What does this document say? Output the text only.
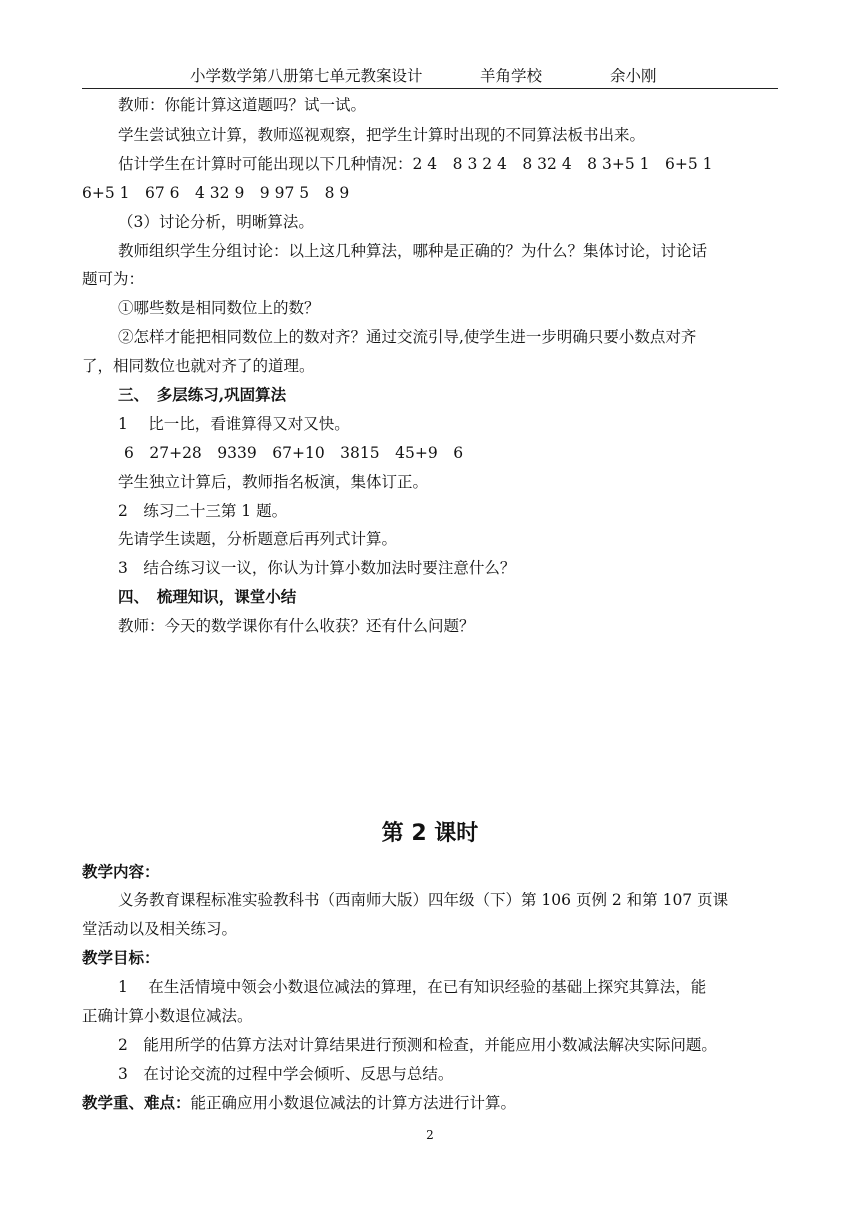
小学数学第八册第七单元教案设计	羊角学校	余小刚
教师：你能计算这道题吗？试一试。
学生尝试独立计算，教师巡视观察，把学生计算时出现的不同算法板书出来。
估计学生在计算时可能出现以下几种情况：2 4　8 3 2 4　8 32 4　8 3+5 1　6+5 1
6+5 1　67 6　4 32 9　9 97 5　8 9
（3）讨论分析，明晰算法。
教师组织学生分组讨论：以上这几种算法，哪种是正确的？为什么？集体讨论，讨论话
题可为：
①哪些数是相同数位上的数？
②怎样才能把相同数位上的数对齐？通过交流引导,使学生进一步明确只要小数点对齐
了，相同数位也就对齐了的道理。
三、　多层练习,巩固算法
1　 比一比，看谁算得又对又快。
6　27+28　9339　67+10　3815　45+9　6
学生独立计算后，教师指名板演，集体订正。
2　练习二十三第 1 题。
先请学生读题，分析题意后再列式计算。
3　结合练习议一议，你认为计算小数加法时要注意什么？
四、　梳理知识，课堂小结
教师：今天的数学课你有什么收获？还有什么问题？
第 2 课时
教学内容：
义务教育课程标准实验教科书（西南师大版）四年级（下）第 106 页例 2 和第 107 页课
堂活动以及相关练习。
教学目标：
1　 在生活情境中领会小数退位减法的算理，在已有知识经验的基础上探究其算法，能
正确计算小数退位减法。
2　能用所学的估算方法对计算结果进行预测和检查，并能应用小数减法解决实际问题。
3　在讨论交流的过程中学会倾听、反思与总结。
教学重、难点：能正确应用小数退位减法的计算方法进行计算。
2
